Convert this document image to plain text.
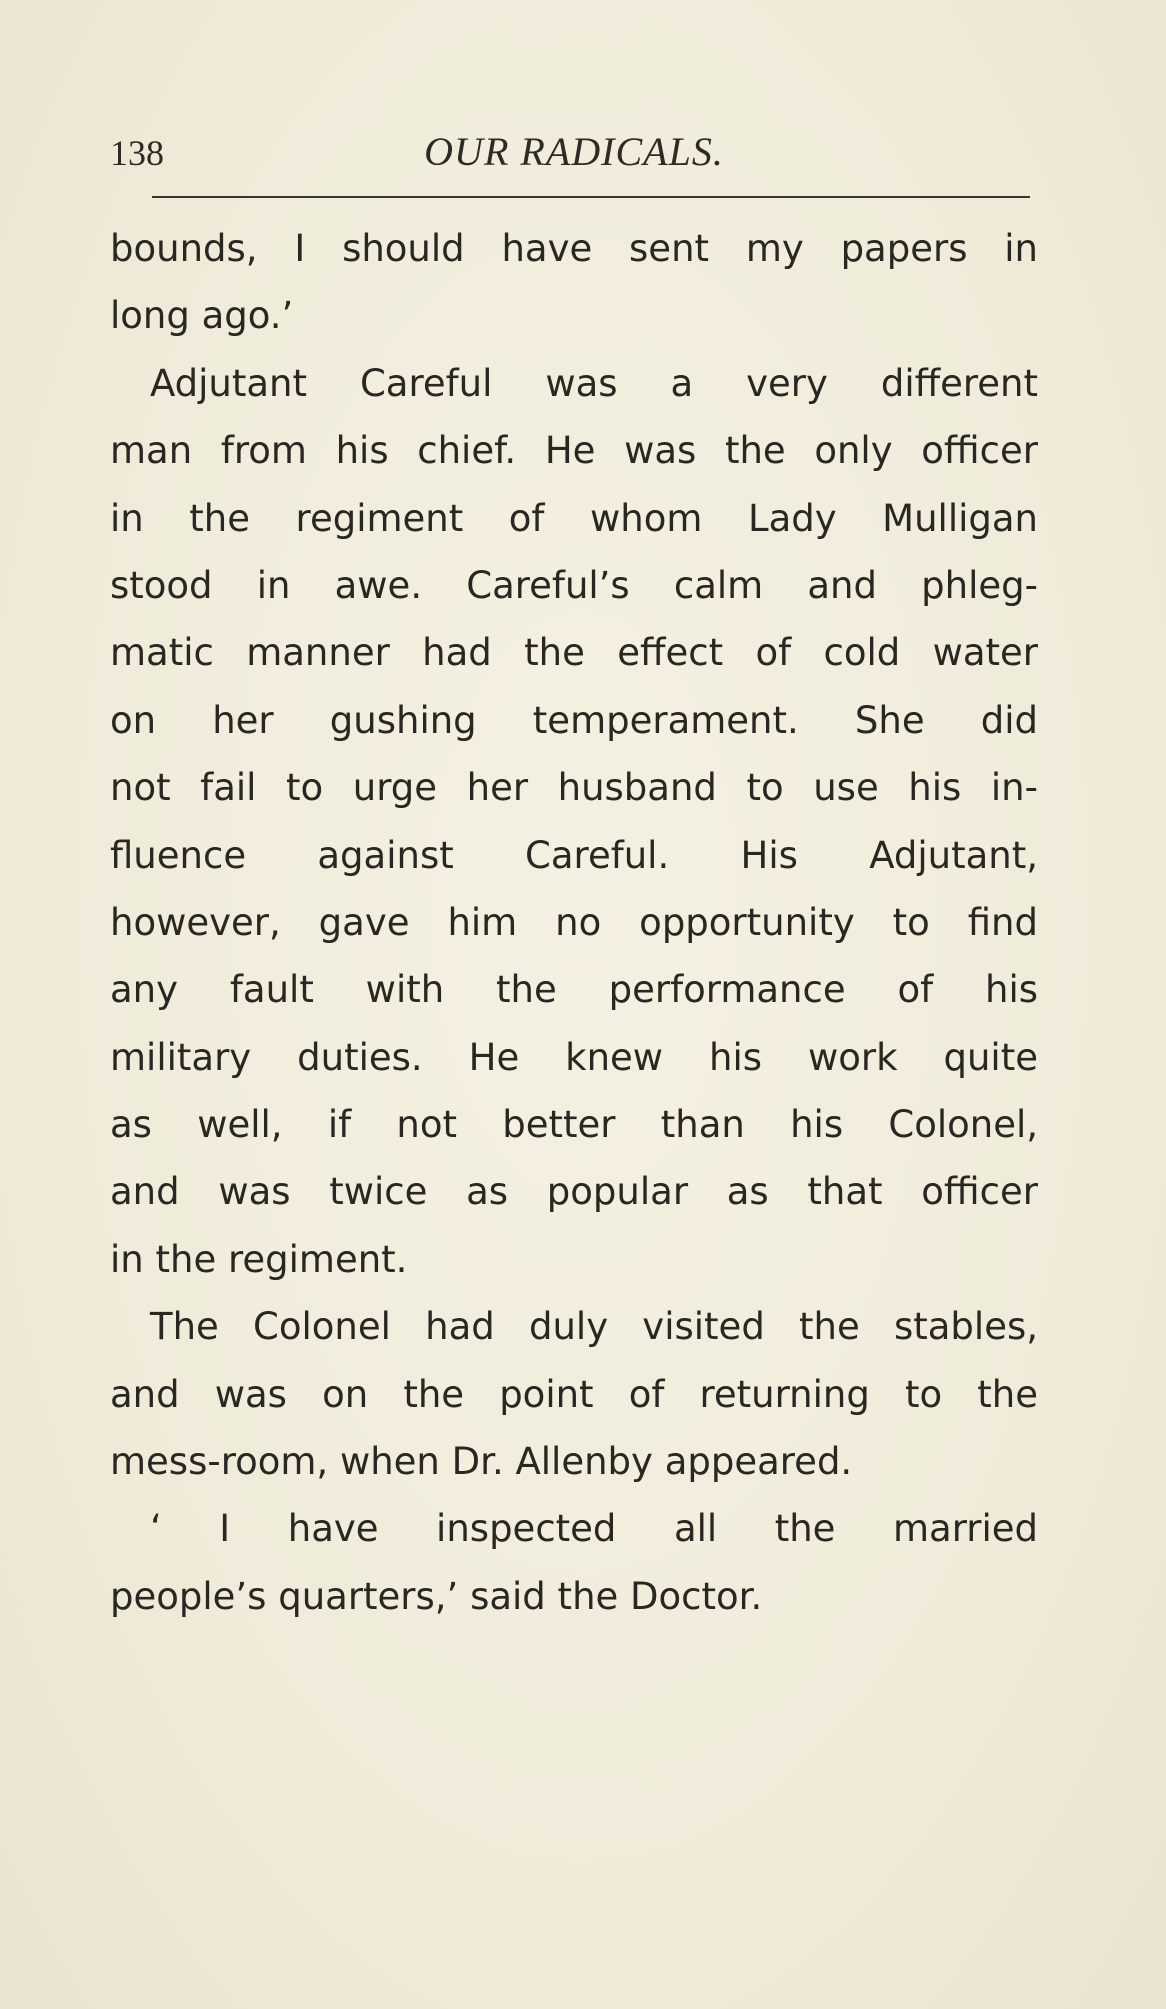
138	OUR RADICALS.
bounds, I should have sent my papers in
long ago.’
Adjutant Careful was a very different
man from his chief. He was the only officer
in the regiment of whom Lady Mulligan
stood in awe. Careful’s calm and phleg-
matic manner had the effect of cold water
on her gushing temperament. She did
not fail to urge her husband to use his in-
fluence against Careful. His Adjutant,
however, gave him no opportunity to find
any fault with the performance of his
military duties. He knew his work quite
as well, if not better than his Colonel,
and was twice as popular as that officer
in the regiment.
The Colonel had duly visited the stables,
and was on the point of returning to the
mess-room, when Dr. Allenby appeared.
‘ I have inspected all the married
people’s quarters,’ said the Doctor.
